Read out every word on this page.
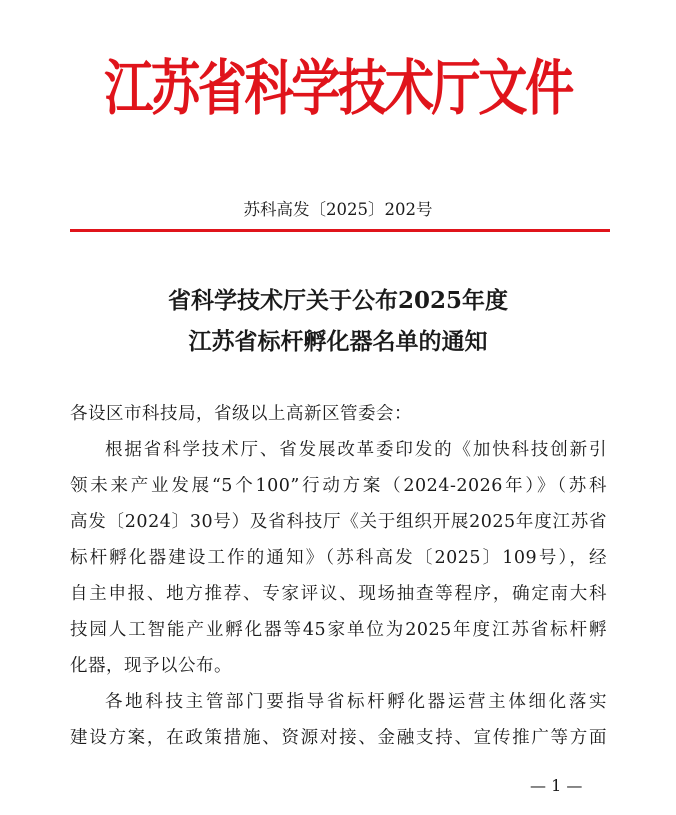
江苏省科学技术厅文件
苏科高发〔2025〕202号
省科学技术厅关于公布2025年度
江苏省标杆孵化器名单的通知
各设区市科技局，省级以上高新区管委会：
根据省科学技术厅、省发展改革委印发的《加快科技创新引
领未来产业发展“5个100”行动方案（2024-2026年）》（苏科
高发〔2024〕30号）及省科技厅《关于组织开展2025年度江苏省
标杆孵化器建设工作的通知》（苏科高发〔2025〕109号），经
自主申报、地方推荐、专家评议、现场抽查等程序，确定南大科
技园人工智能产业孵化器等45家单位为2025年度江苏省标杆孵
化器，现予以公布。
各地科技主管部门要指导省标杆孵化器运营主体细化落实
建设方案，在政策措施、资源对接、金融支持、宣传推广等方面
— 1 —
